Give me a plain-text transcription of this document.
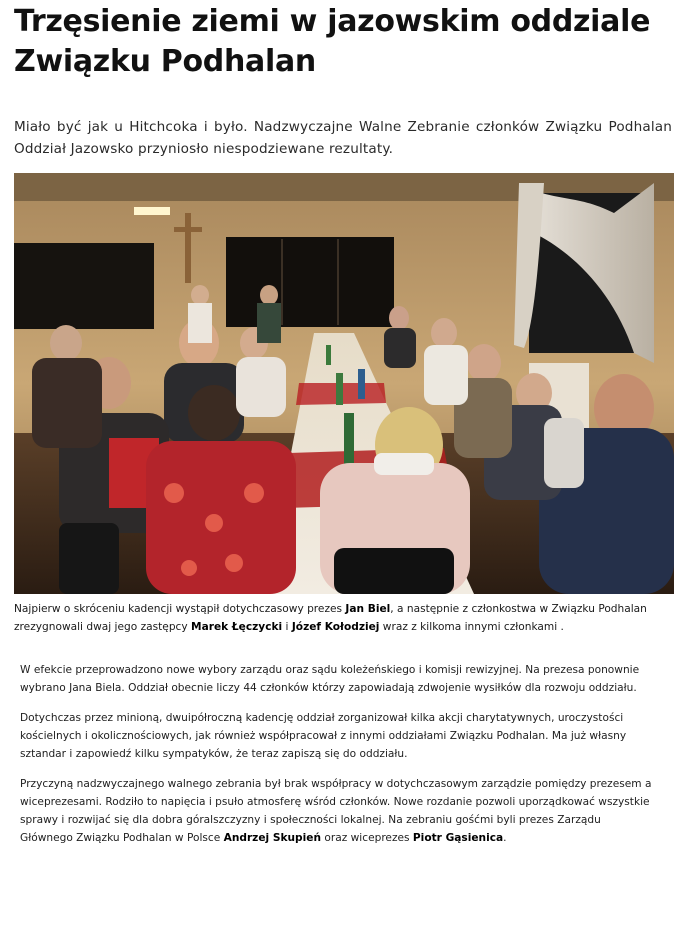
Trzęsienie ziemi w jazowskim oddziale Związku Podhalan

Miało być jak u Hitchcoka i było. Nadzwyczajne Walne Zebranie członków Związku Podhalan Oddział Jazowsko przyniosło niespodziewane rezultaty.

Najpierw o skróceniu kadencji wystąpił dotychczasowy prezes Jan Biel, a następnie z członkostwa w Związku Podhalan zrezygnowali dwaj jego zastępcy Marek Łęczycki i Józef Kołodziej wraz z kilkoma innymi członkami .

W efekcie przeprowadzono nowe wybory zarządu oraz sądu koleżeńskiego i komisji rewizyjnej. Na prezesa ponownie wybrano Jana Biela. Oddział obecnie liczy 44 członków którzy zapowiadają zdwojenie wysiłków dla rozwoju oddziału.

Dotychczas przez minioną, dwuipółroczną kadencję oddział zorganizował kilka akcji charytatywnych, uroczystości kościelnych i okolicznościowych, jak również współpracował z innymi oddziałami Związku Podhalan. Ma już własny sztandar i zapowiedź kilku sympatyków, że teraz zapiszą się do oddziału.

Przyczyną nadzwyczajnego walnego zebrania był brak współpracy w dotychczasowym zarządzie pomiędzy prezesem a wiceprezesami. Rodziło to napięcia i psuło atmosferę wśród członków. Nowe rozdanie pozwoli uporządkować wszystkie sprawy i rozwijać się dla dobra góralszczyzny i społeczności lokalnej. Na zebraniu gośćmi byli prezes Zarządu Głównego Związku Podhalan w Polsce Andrzej Skupień oraz wiceprezes Piotr Gąsienica.
